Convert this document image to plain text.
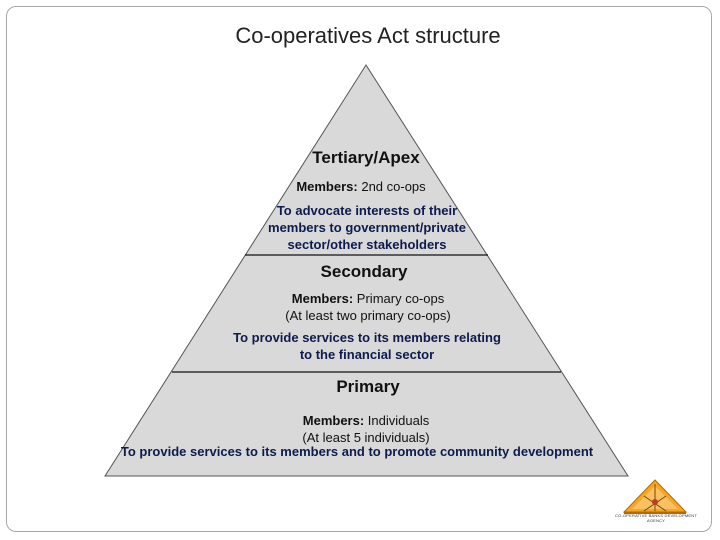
Co-operatives Act structure
Tertiary/Apex
Members: 2nd co-ops
To advocate interests of their
members to government/private
sector/other stakeholders
Secondary
Members: Primary co-ops
(At least two primary co-ops)
To provide services to its members relating
to the financial sector
Primary
Members: Individuals
(At least 5 individuals)
To provide services to its members and to promote community development
CO-OPERATIVE BANKS DEVELOPMENT AGENCY
